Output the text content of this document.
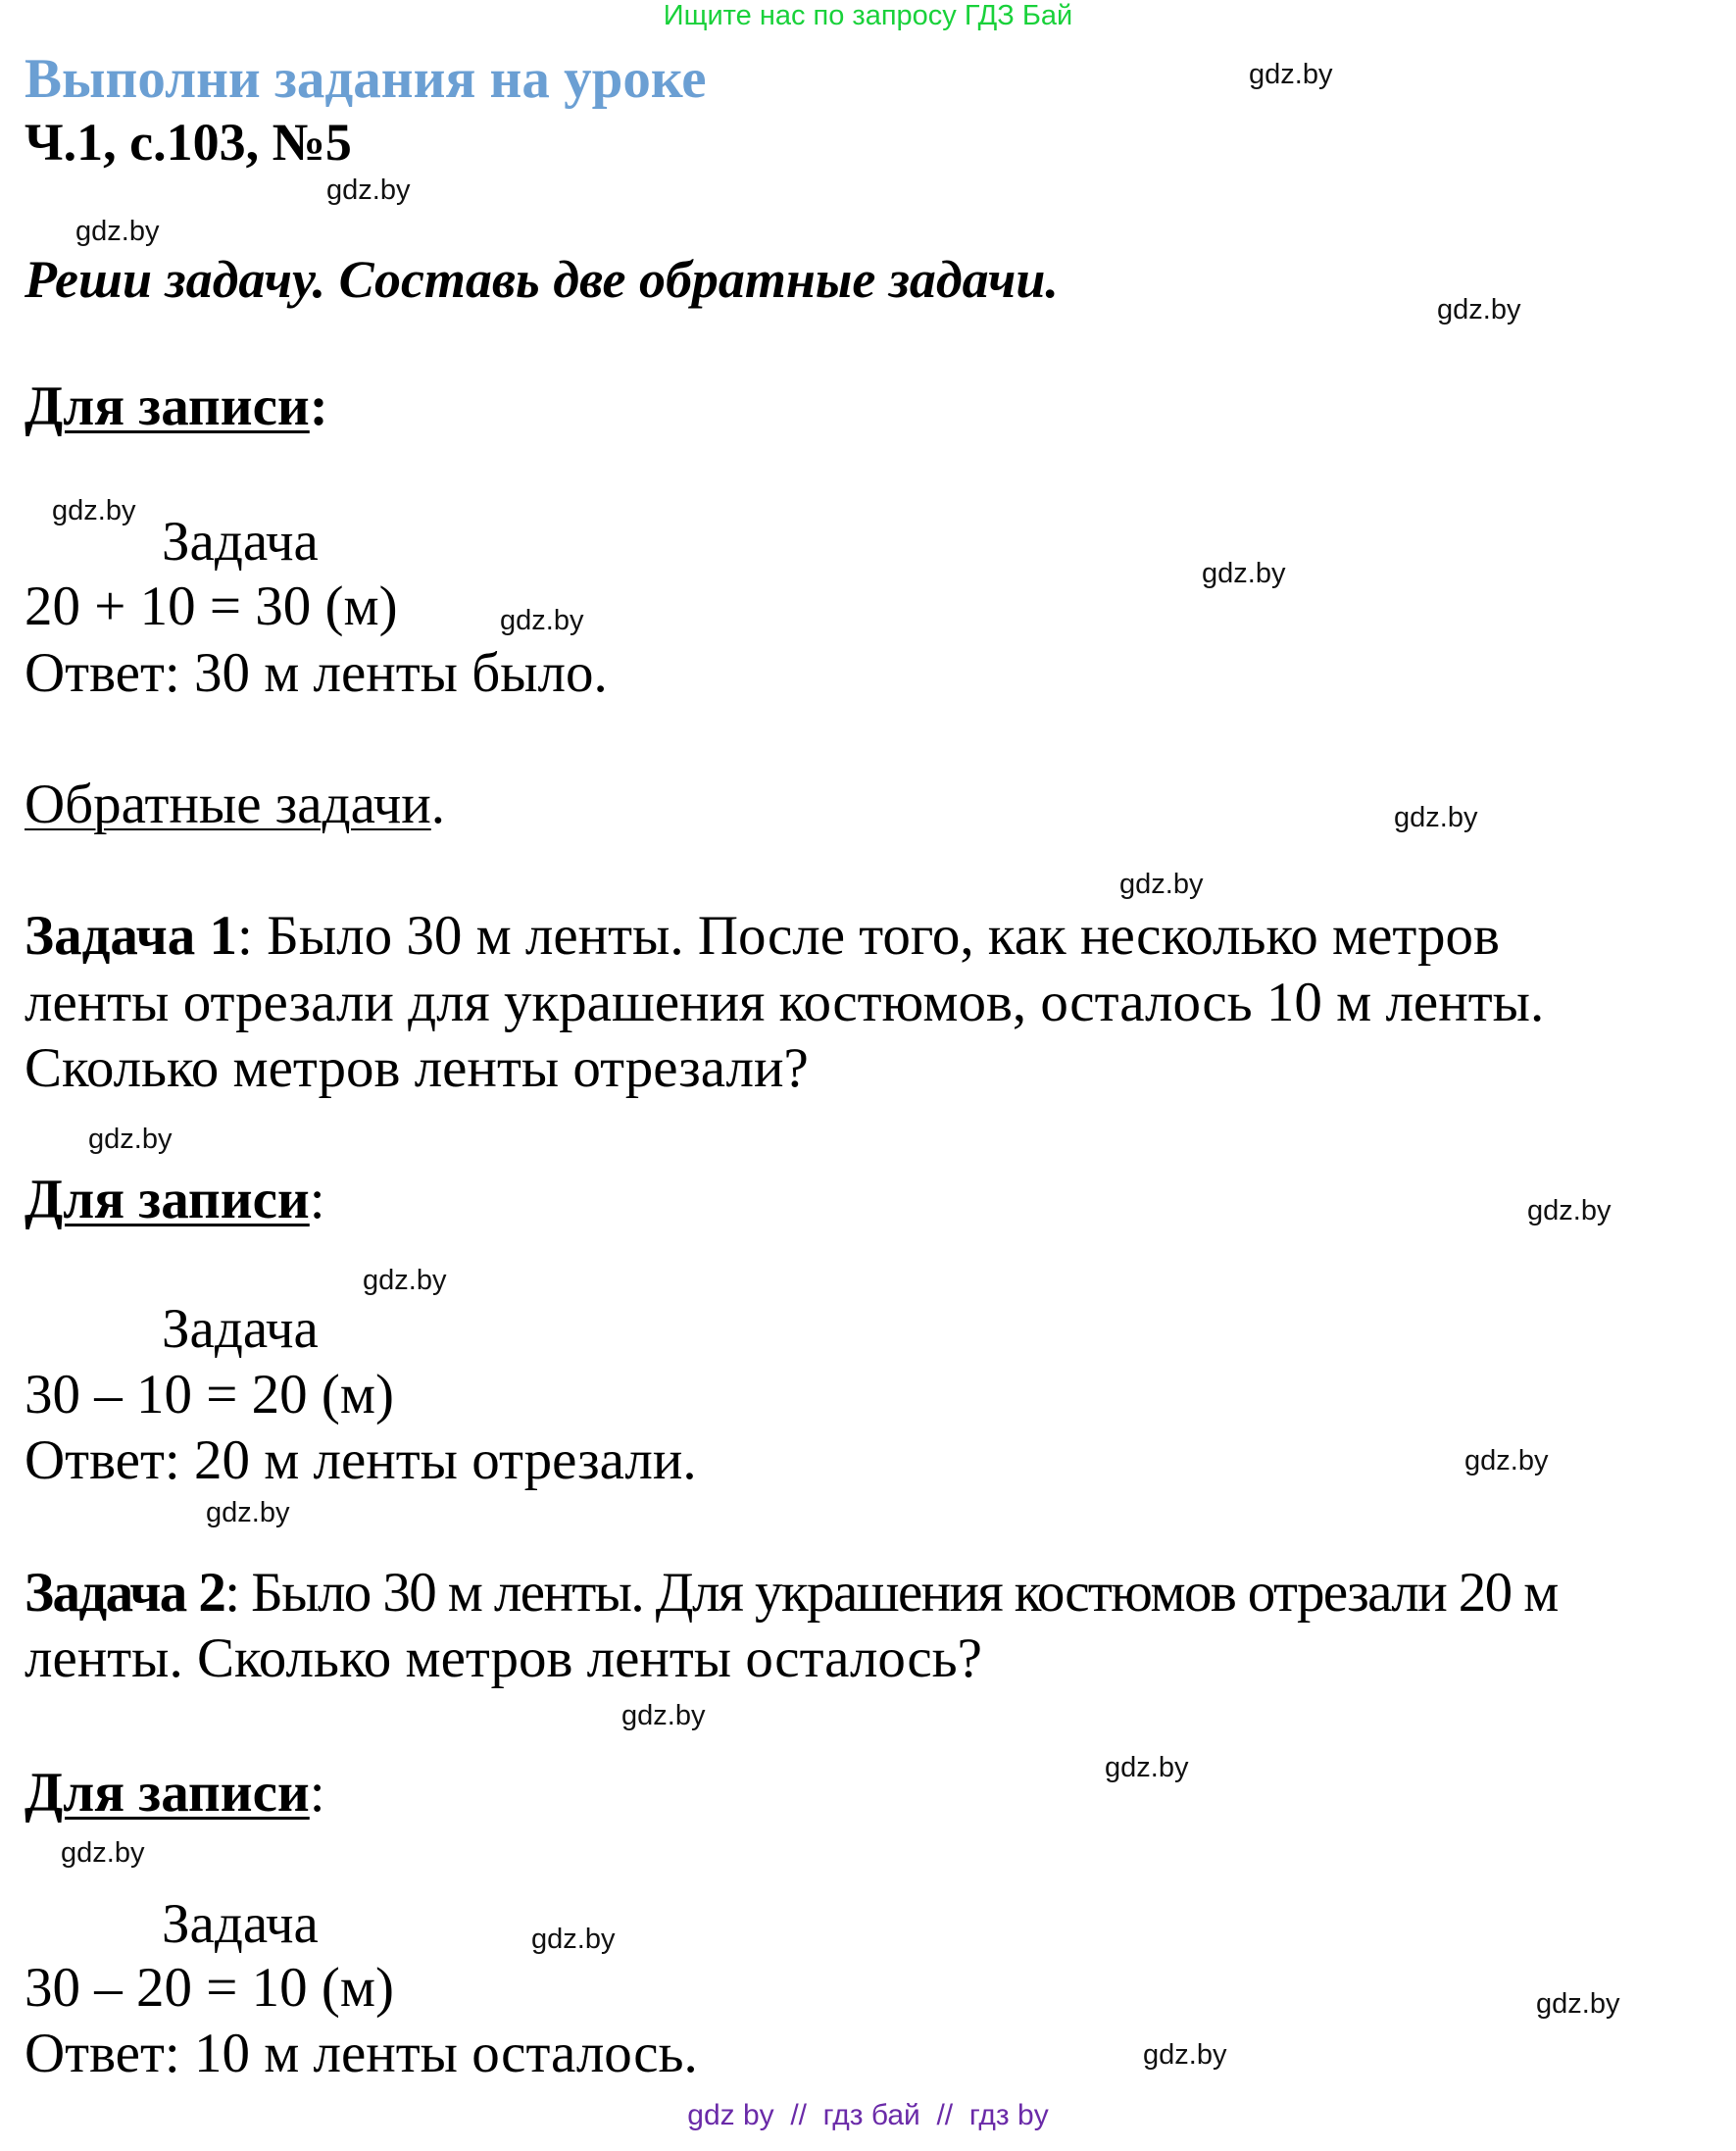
Ищите нас по запросу ГДЗ Бай
Выполни задания на уроке
Ч.1, с.103, №5
Реши задачу. Составь две обратные задачи.
Для записи:
Задача
20 + 10 = 30 (м)
Ответ: 30 м ленты было.
Обратные задачи.
Задача 1: Было 30 м ленты. После того, как несколько метров
ленты отрезали для украшения костюмов, осталось 10 м ленты.
Сколько метров ленты отрезали?
Для записи:
Задача
30 – 10 = 20 (м)
Ответ: 20 м ленты отрезали.
Задача 2: Было 30 м ленты. Для украшения костюмов отрезали 20 м
ленты. Сколько метров ленты осталось?
Для записи:
Задача
30 – 20 = 10 (м)
Ответ: 10 м ленты осталось.
gdz.by
gdz.by
gdz.by
gdz.by
gdz.by
gdz.by
gdz.by
gdz.by
gdz.by
gdz.by
gdz.by
gdz.by
gdz.by
gdz.by
gdz.by
gdz.by
gdz.by
gdz.by
gdz.by
gdz.by
gdz by  //  гдз бай  //  гдз by
